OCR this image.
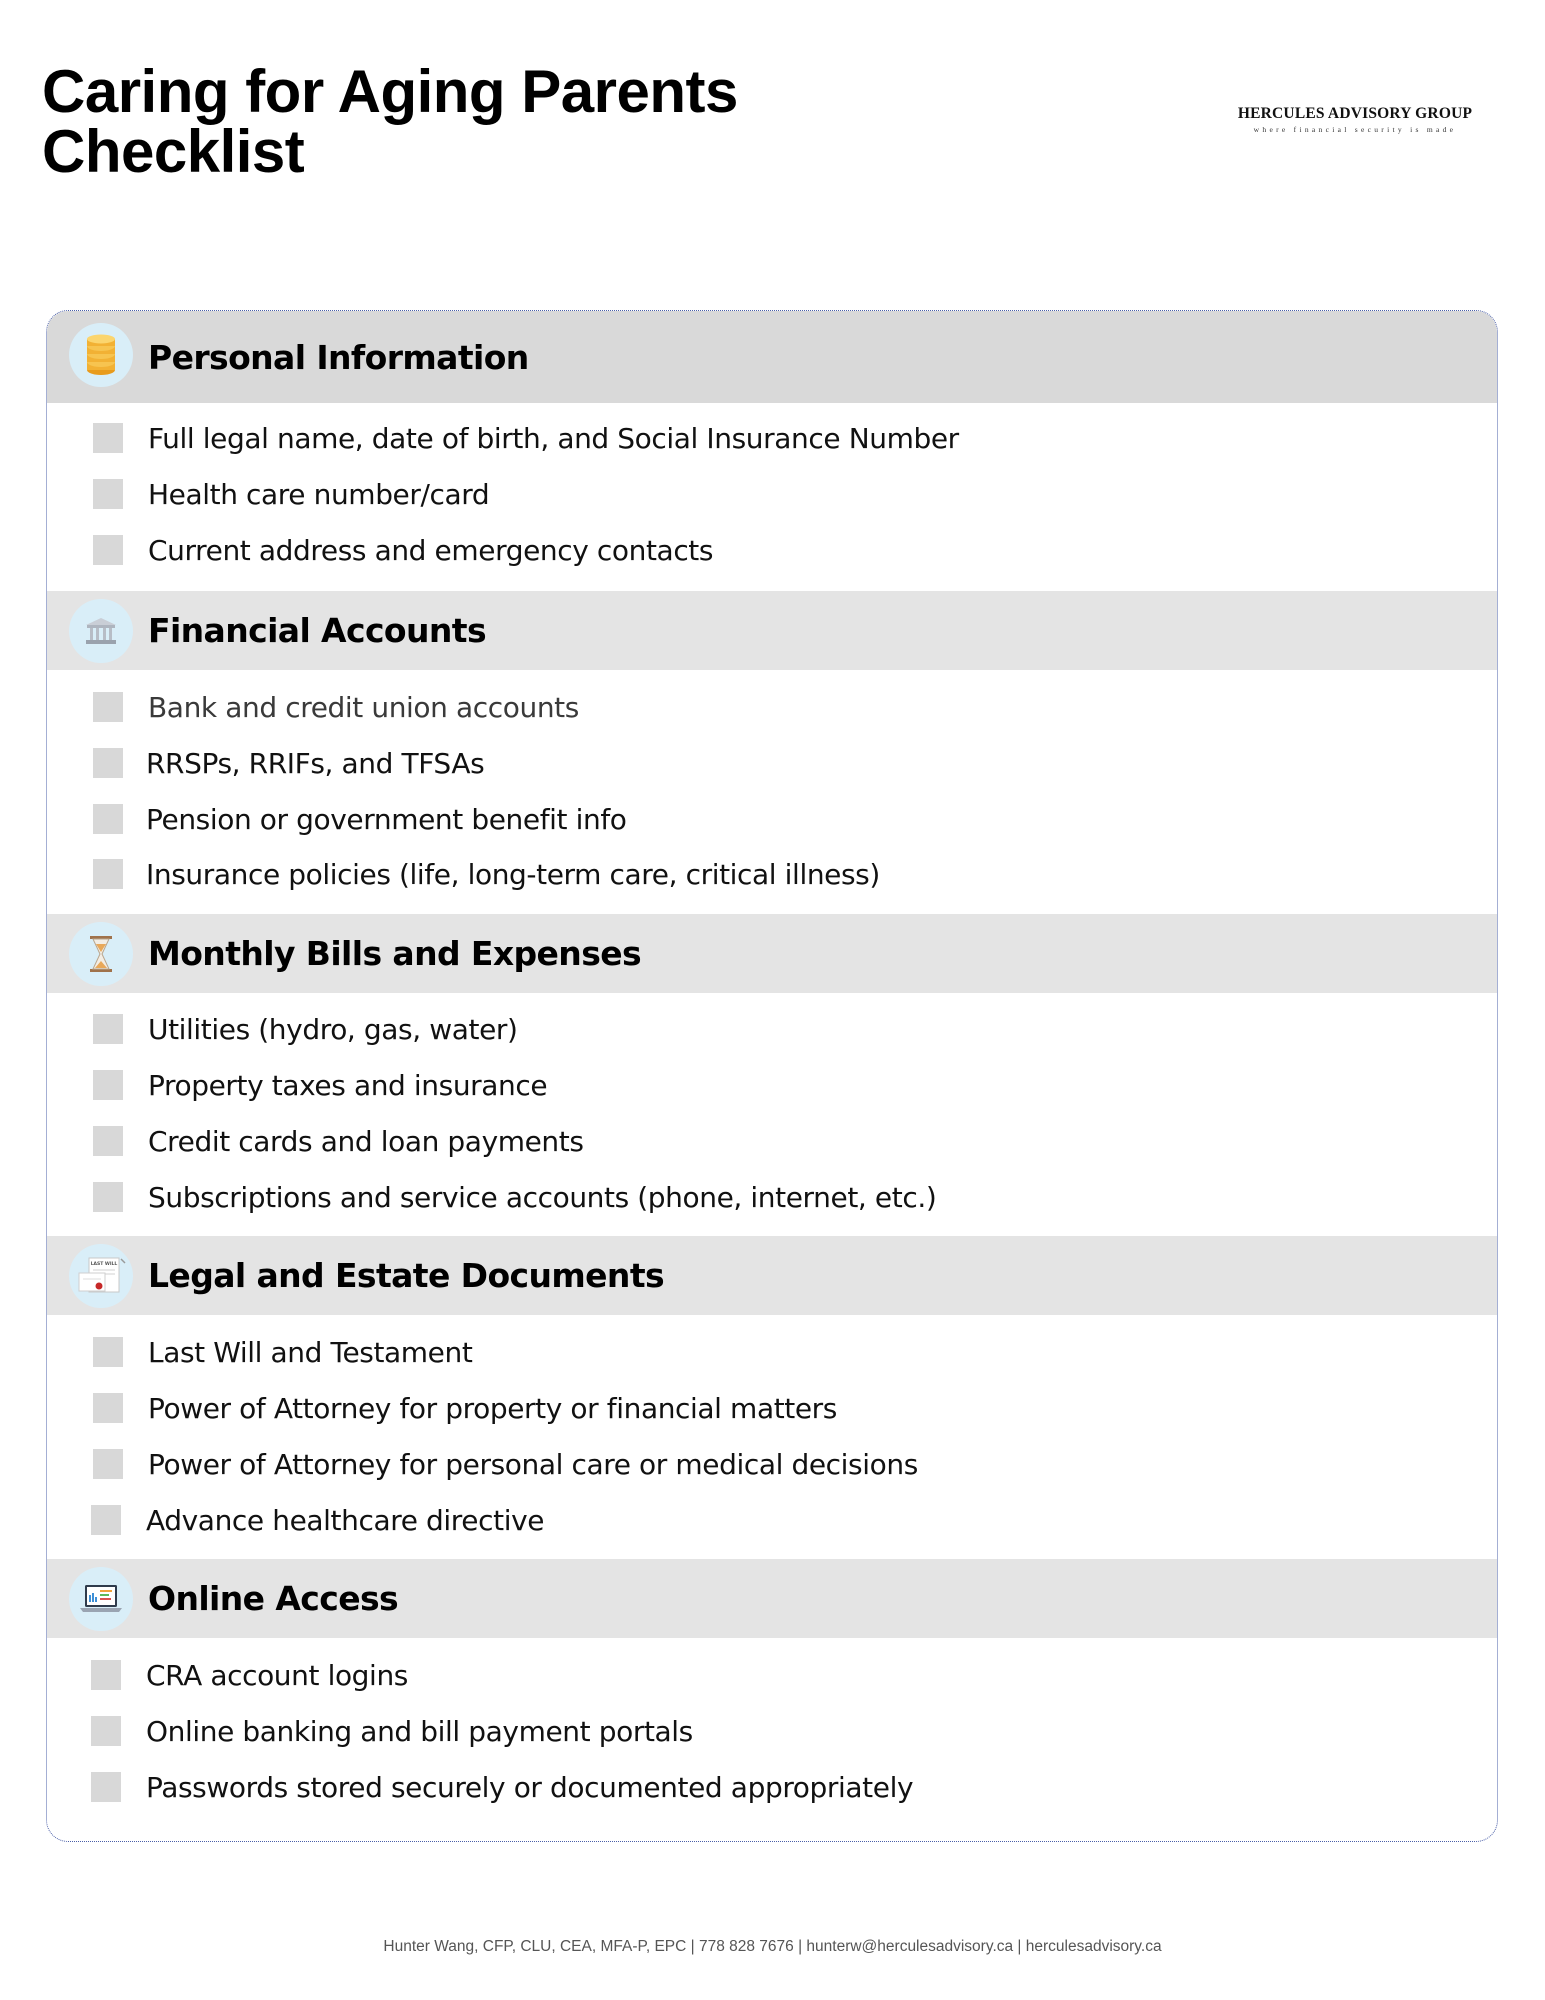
Caring for Aging Parents
Checklist
HERCULES ADVISORY GROUP
where financial security is made
Personal Information
Full legal name, date of birth, and Social Insurance Number
Health care number/card
Current address and emergency contacts
Financial Accounts
Bank and credit union accounts
RRSPs, RRIFs, and TFSAs
Pension or government benefit info
Insurance policies (life, long-term care, critical illness)
Monthly Bills and Expenses
Utilities (hydro, gas, water)
Property taxes and insurance
Credit cards and loan payments
Subscriptions and service accounts (phone, internet, etc.)
LAST WILL Legal and Estate Documents
Last Will and Testament
Power of Attorney for property or financial matters
Power of Attorney for personal care or medical decisions
Advance healthcare directive
Online Access
CRA account logins
Online banking and bill payment portals
Passwords stored securely or documented appropriately
Hunter Wang, CFP, CLU, CEA, MFA-P, EPC | 778 828 7676 | hunterw@herculesadvisory.ca | herculesadvisory.ca
